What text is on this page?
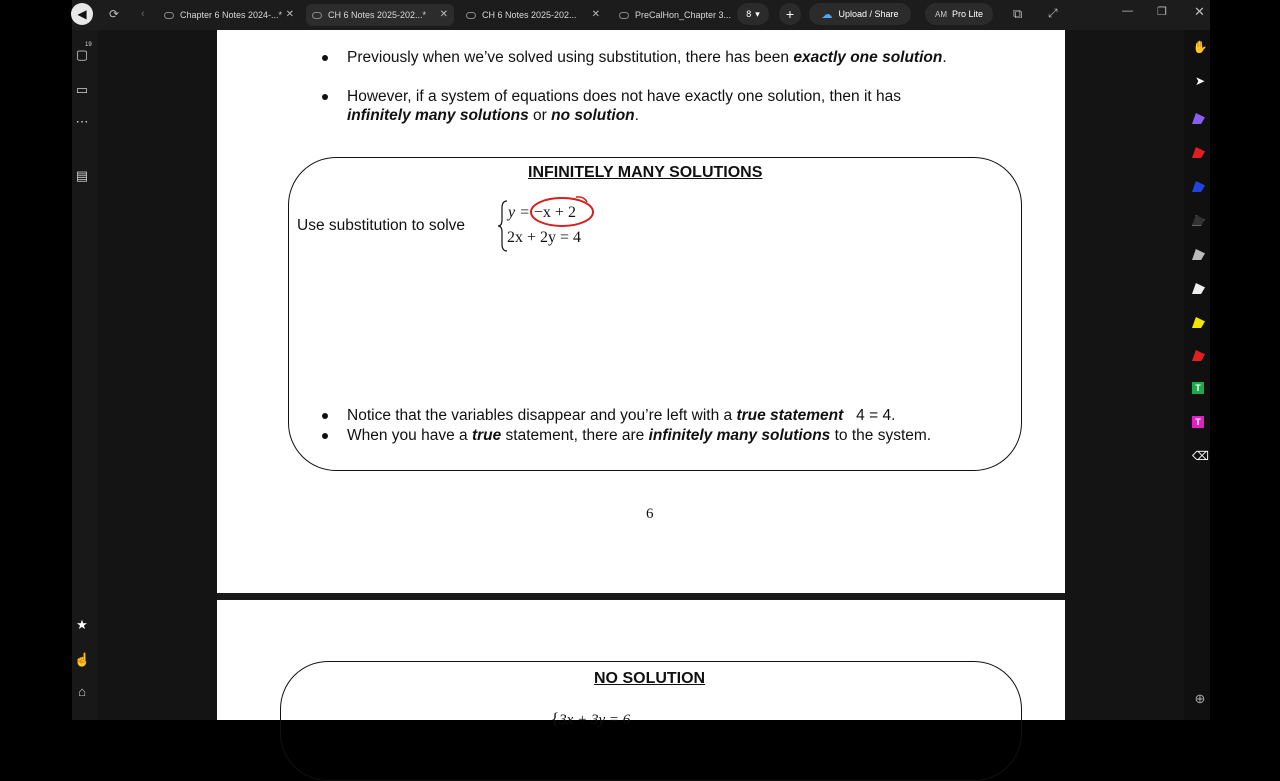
◀ ⟳ ‹	Chapter 6 Notes 2024-...* ✕	CH 6 Notes 2025-202...* ✕	CH 6 Notes 2025-202... ✕	PreCalHon_Chapter 3... 8 ▾ + ☁ Upload / Share	AM Pro Lite ⧉ ⤢	— ❐ ✕
▢
19
▭
⋯
▤
★
☝
⌂
✋
➤
T
T
⌫
⊕
Previously when we’ve solved using substitution, there has been exactly one solution.
However, if a system of equations does not have exactly one solution, then it has
infinitely many solutions or no solution.
INFINITELY MANY SOLUTIONS
Use substitution to solve
y = −x + 2
2x + 2y = 4
Notice that the variables disappear and you’re left with a true statement   4 = 4.
When you have a true statement, there are infinitely many solutions to the system.
6
NO SOLUTION
{3x + 3y = 6
